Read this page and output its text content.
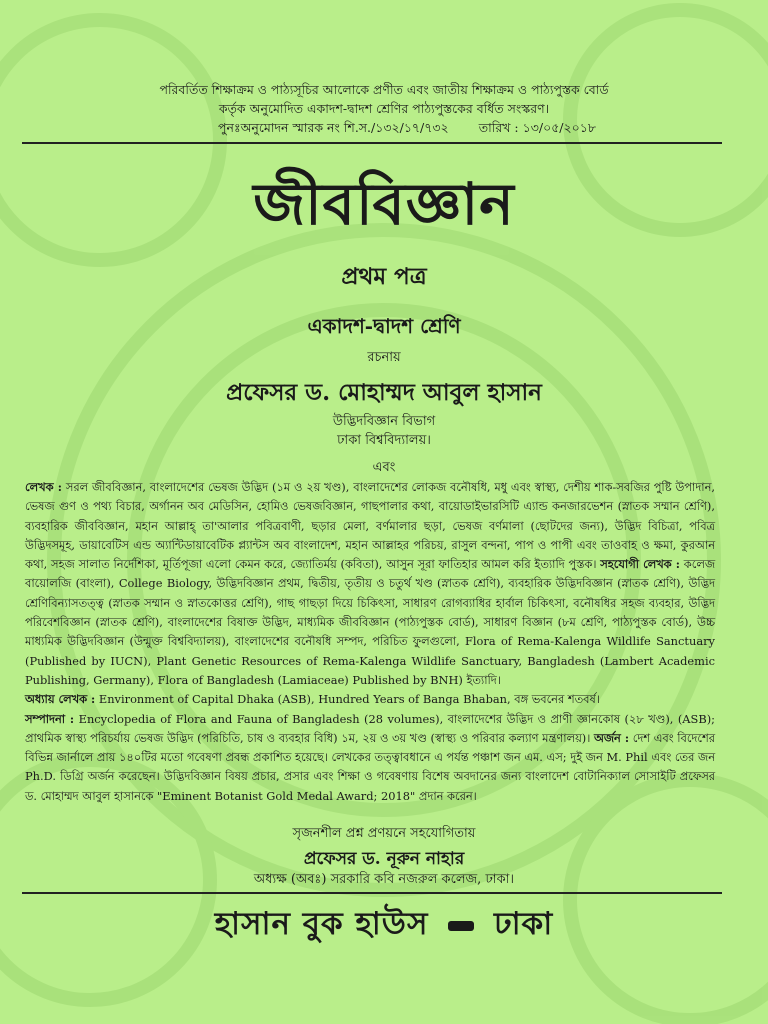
পরিবর্তিত শিক্ষাক্রম ও পাঠ্যসূচির আলোকে প্রণীত এবং জাতীয় শিক্ষাক্রম ও পাঠ্যপুস্তক বোর্ড
কর্তৃক অনুমোদিত একাদশ-দ্বাদশ শ্রেণির পাঠ্যপুস্তকের বর্ধিত সংস্করণ।
পুনঃঅনুমোদন স্মারক নং শি.স./১৩২/১৭/৭৩২ তারিখ : ১৩/০৫/২০১৮
জীববিজ্ঞান
প্রথম পত্র
একাদশ-দ্বাদশ শ্রেণি
রচনায়
প্রফেসর ড. মোহাম্মদ আবুল হাসান
উদ্ভিদবিজ্ঞান বিভাগ
ঢাকা বিশ্ববিদ্যালয়।
এবং

লেখক : সরল জীববিজ্ঞান, বাংলাদেশের ভেষজ উদ্ভিদ (১ম ও ২য় খণ্ড), বাংলাদেশের লোকজ বনৌষধি, মধু এবং স্বাস্থ্য, দেশীয় শাক-সবজির পুষ্টি উপাদান, ভেষজ গুণ ও পথ্য বিচার, অর্গানন অব মেডিসিন, হোমিও ভেষজবিজ্ঞান, গাছপালার কথা, বায়োডাইভারসিটি এ্যান্ড কনজারভেশন (স্নাতক সম্মান শ্রেণি), ব্যবহারিক জীববিজ্ঞান, মহান আল্লাহ্ তা'আলার পবিত্রবাণী, ছড়ার মেলা, বর্ণমালার ছড়া, ভেষজ বর্ণমালা (ছোটদের জন্য), উদ্ভিদ বিচিত্রা, পবিত্র উদ্ভিদসমূহ, ডায়াবেটিস এন্ড অ্যান্টিডায়াবেটিক প্ল্যান্টস অব বাংলাদেশ, মহান আল্লাহর পরিচয়, রাসুল বন্দনা, পাপ ও পাপী এবং তাওবাহ ও ক্ষমা, কুরআন কথা, সহজ সালাত নির্দেশিকা, মূর্তিপূজা এলো কেমন করে, জ্যোতির্ময় (কবিতা), আসুন সূরা ফাতিহার আমল করি ইত্যাদি পুস্তক। সহযোগী লেখক : কলেজ বায়োলজি (বাংলা), College Biology, উদ্ভিদবিজ্ঞান প্রথম, দ্বিতীয়, তৃতীয় ও চতুর্থ খণ্ড (স্নাতক শ্রেণি), ব্যবহারিক উদ্ভিদবিজ্ঞান (স্নাতক শ্রেণি), উদ্ভিদ শ্রেণিবিন্যাসতত্ত্ব (স্নাতক সম্মান ও স্নাতকোত্তর শ্রেণি), গাছ গাছড়া দিয়ে চিকিৎসা, সাধারণ রোগব্যাধির হার্বাল চিকিৎসা, বনৌষধির সহজ ব্যবহার, উদ্ভিদ পরিবেশবিজ্ঞান (স্নাতক শ্রেণি), বাংলাদেশের বিষাক্ত উদ্ভিদ, মাধ্যমিক জীববিজ্ঞান (পাঠ্যপুস্তক বোর্ড), সাধারণ বিজ্ঞান (৮ম শ্রেণি, পাঠ্যপুস্তক বোর্ড), উচ্চ মাধ্যমিক উদ্ভিদবিজ্ঞান (উন্মুক্ত বিশ্ববিদ্যালয়), বাংলাদেশের বনৌষধি সম্পদ, পরিচিত ফুলগুলো, Flora of Rema-Kalenga Wildlife Sanctuary (Published by IUCN), Plant Genetic Resources of Rema-Kalenga Wildlife Sanctuary, Bangladesh (Lambert Academic Publishing, Germany), Flora of Bangladesh (Lamiaceae) Published by BNH) ইত্যাদি।

অধ্যায় লেখক : Environment of Capital Dhaka (ASB), Hundred Years of Banga Bhaban, বঙ্গ ভবনের শতবর্ষ।

সম্পাদনা : Encyclopedia of Flora and Fauna of Bangladesh (28 volumes), বাংলাদেশের উদ্ভিদ ও প্রাণী জ্ঞানকোষ (২৮ খণ্ড), (ASB); প্রাথমিক স্বাস্থ্য পরিচর্যায় ভেষজ উদ্ভিদ (পরিচিতি, চাষ ও ব্যবহার বিধি) ১ম, ২য় ও ৩য় খণ্ড (স্বাস্থ্য ও পরিবার কল্যাণ মন্ত্রণালয়)। অর্জন : দেশ এবং বিদেশের বিভিন্ন জার্নালে প্রায় ১৪০টির মতো গবেষণা প্রবন্ধ প্রকাশিত হয়েছে। লেখকের তত্ত্বাবধানে এ পর্যন্ত পঞ্চাশ জন এম. এস; দুই জন M. Phil এবং তের জন Ph.D. ডিগ্রি অর্জন করেছেন। উদ্ভিদবিজ্ঞান বিষয় প্রচার, প্রসার এবং শিক্ষা ও গবেষণায় বিশেষ অবদানের জন্য বাংলাদেশ বোটানিক্যাল সোসাইটি প্রফেসর ড. মোহাম্মদ আবুল হাসানকে "Eminent Botanist Gold Medal Award; 2018" প্রদান করেন।

সৃজনশীল প্রশ্ন প্রণয়নে সহযোগিতায়
প্রফেসর ড. নূরুন নাহার
অধ্যক্ষ (অবঃ) সরকারি কবি নজরুল কলেজ, ঢাকা।
হাসান বুক হাউস ঢাকা
